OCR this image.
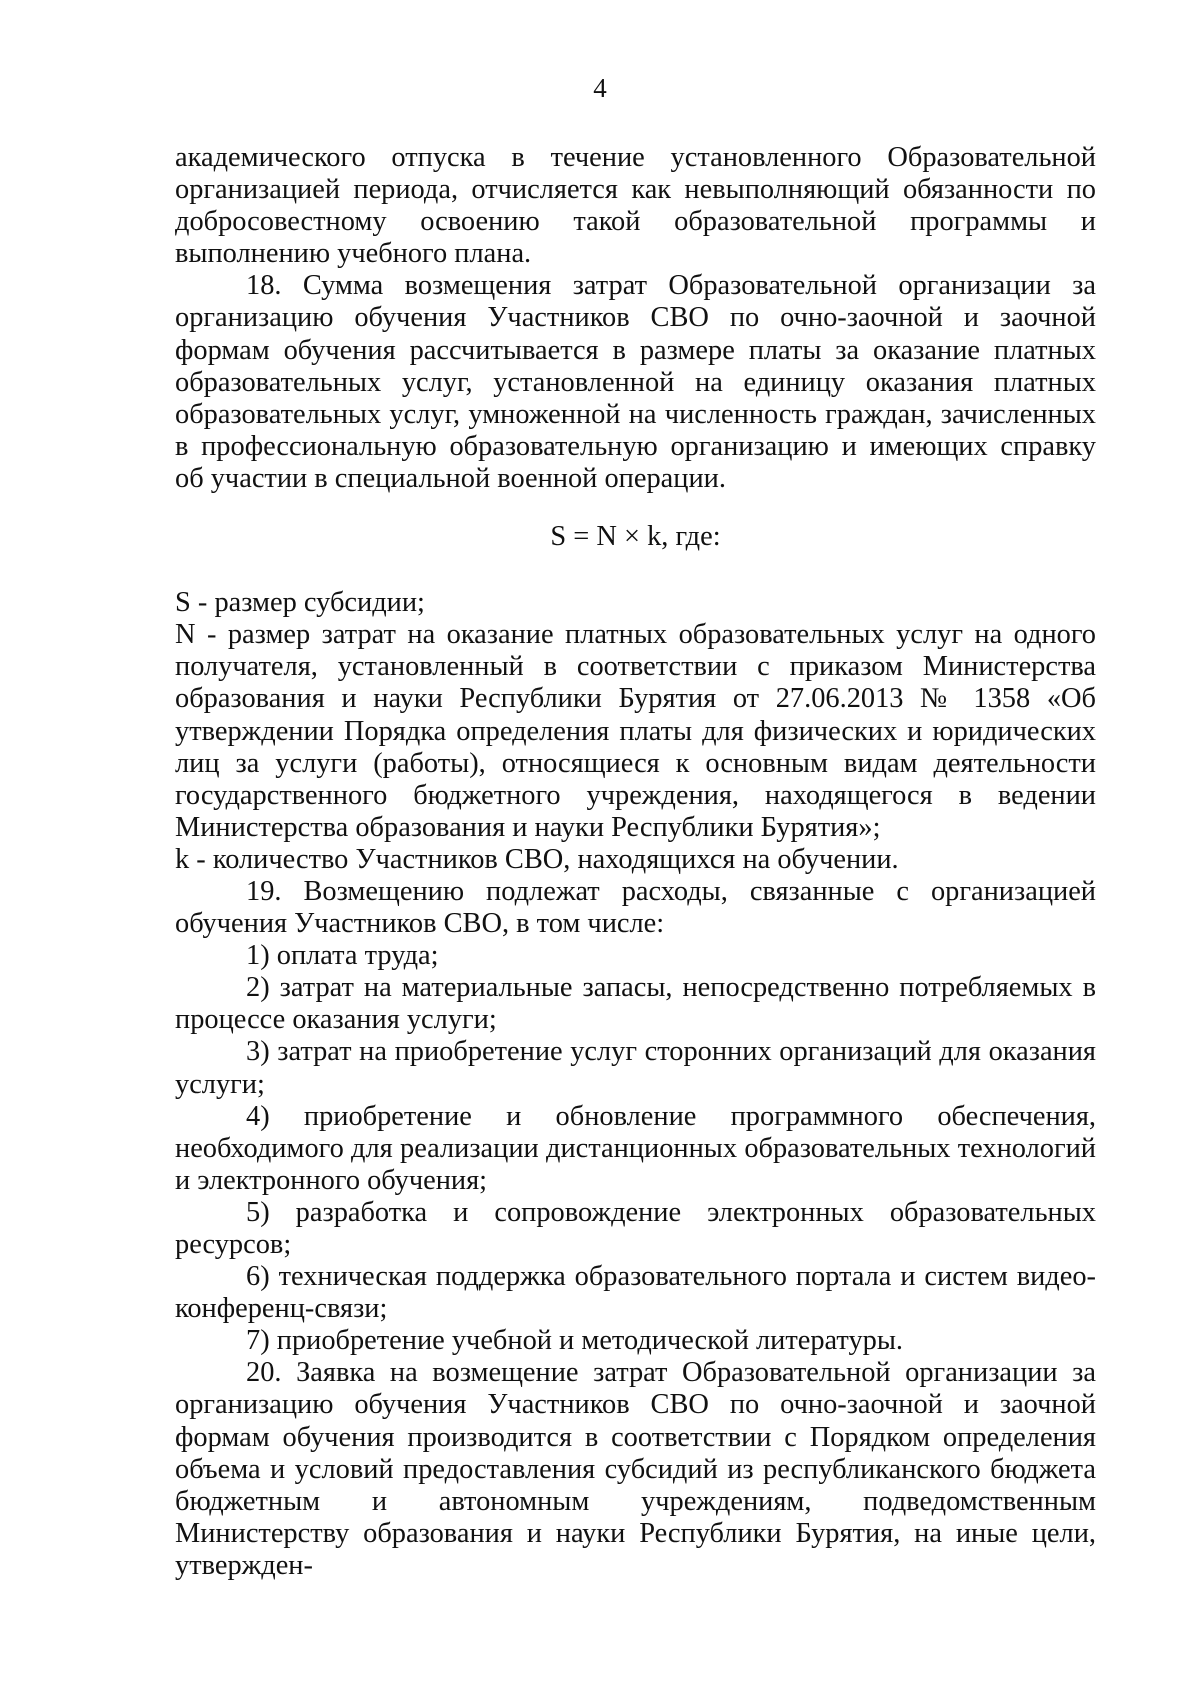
4

академического отпуска в течение установленного Образовательной организацией периода, отчисляется как невыполняющий обязанности по добросовестному освоению такой образовательной программы и выполнению учебного плана.

18. Сумма возмещения затрат Образовательной организации за организацию обучения Участников СВО по очно-заочной и заочной формам обучения рассчитывается в размере платы за оказание платных образовательных услуг, установленной на единицу оказания платных образовательных услуг, умноженной на численность граждан, зачисленных в профессиональную образовательную организацию и имеющих справку об участии в специальной военной операции.

S = N × k, где:

S - размер субсидии;

N - размер затрат на оказание платных образовательных услуг на одного получателя, установленный в соответствии с приказом Министерства образования и науки Республики Бурятия от 27.06.2013 № 1358 «Об утверждении Порядка определения платы для физических и юридических лиц за услуги (работы), относящиеся к основным видам деятельности государственного бюджетного учреждения, находящегося в ведении Министерства образования и науки Республики Бурятия»;

k - количество Участников СВО, находящихся на обучении.

19. Возмещению подлежат расходы, связанные с организацией обучения Участников СВО, в том числе:

1) оплата труда;

2) затрат на материальные запасы, непосредственно потребляемых в процессе оказания услуги;

3) затрат на приобретение услуг сторонних организаций для оказания услуги;

4) приобретение и обновление программного обеспечения, необходимого для реализации дистанционных образовательных технологий и электронного обучения;

5) разработка и сопровождение электронных образовательных ресурсов;

6) техническая поддержка образовательного портала и систем видео-конференц-связи;

7) приобретение учебной и методической литературы.

20. Заявка на возмещение затрат Образовательной организации за организацию обучения Участников СВО по очно-заочной и заочной формам обучения производится в соответствии с Порядком определения объема и условий предоставления субсидий из республиканского бюджета бюджетным и автономным учреждениям, подведомственным Министерству образования и науки Республики Бурятия, на иные цели, утвержден-
